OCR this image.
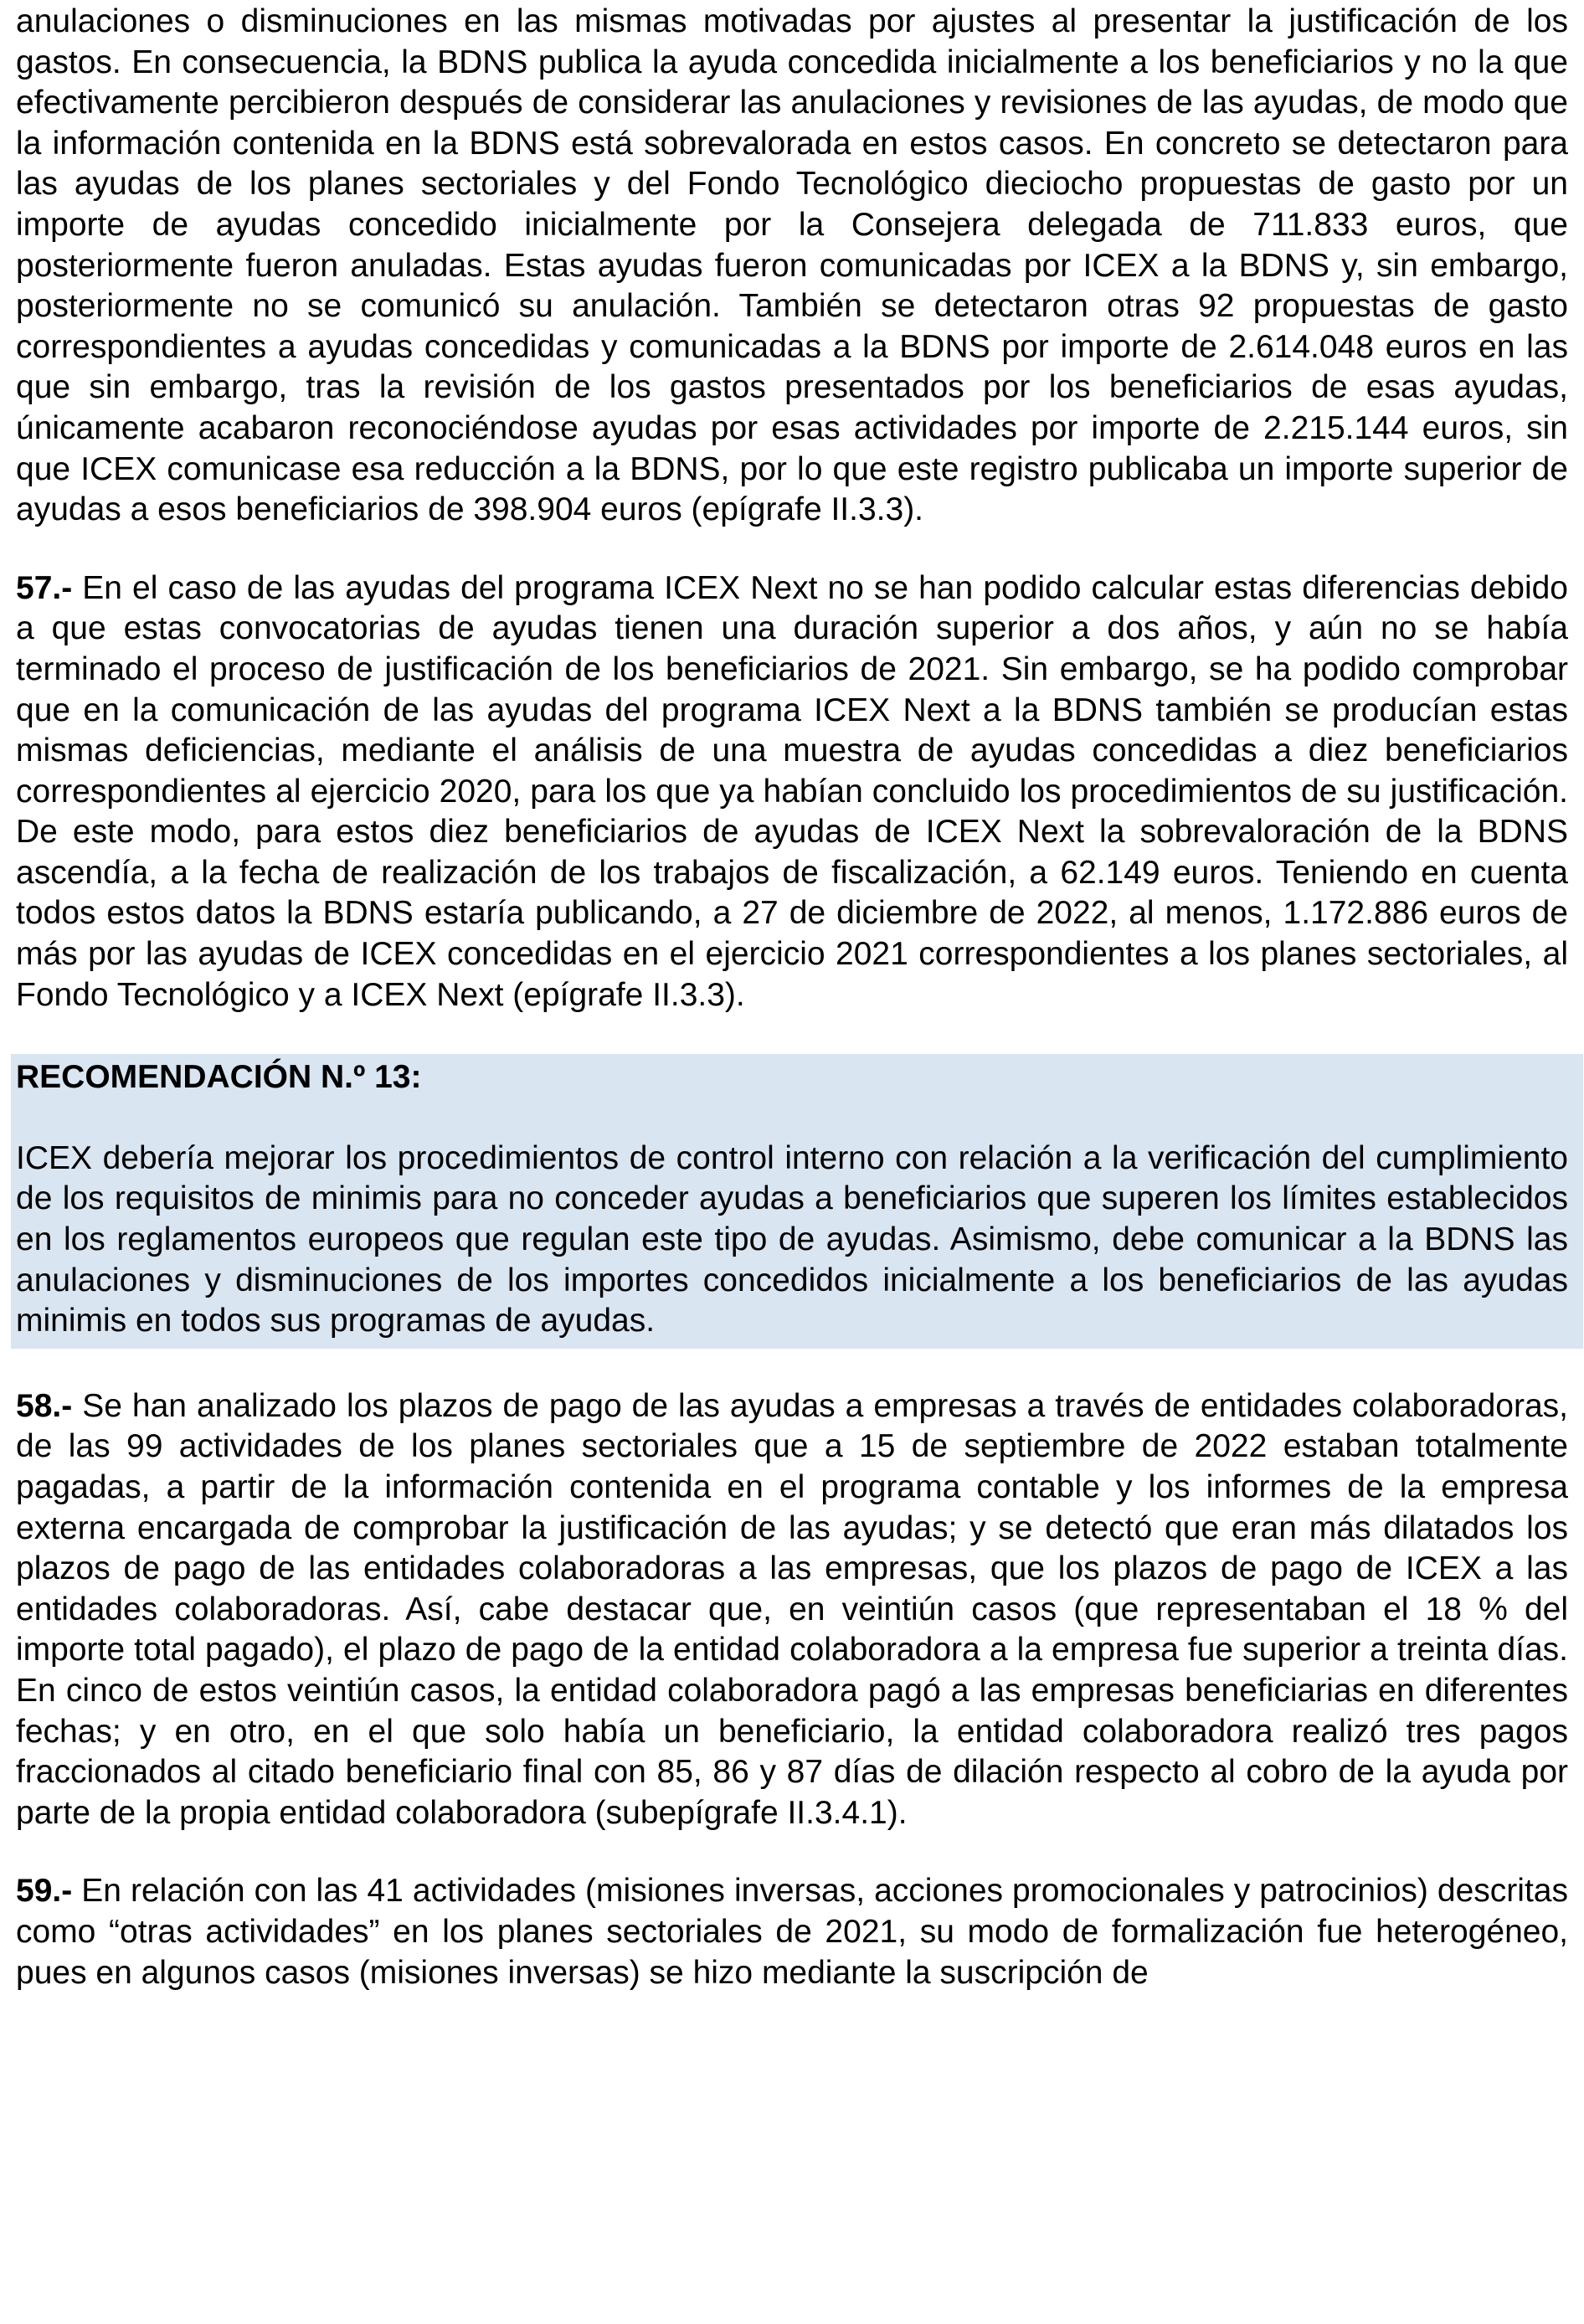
anulaciones o disminuciones en las mismas motivadas por ajustes al presentar la justificación de los gastos. En consecuencia, la BDNS publica la ayuda concedida inicialmente a los beneficiarios y no la que efectivamente percibieron después de considerar las anulaciones y revisiones de las ayudas, de modo que la información contenida en la BDNS está sobrevalorada en estos casos. En concreto se detectaron para las ayudas de los planes sectoriales y del Fondo Tecnológico dieciocho propuestas de gasto por un importe de ayudas concedido inicialmente por la Consejera delegada de 711.833 euros, que posteriormente fueron anuladas. Estas ayudas fueron comunicadas por ICEX a la BDNS y, sin embargo, posteriormente no se comunicó su anulación. También se detectaron otras 92 propuestas de gasto correspondientes a ayudas concedidas y comunicadas a la BDNS por importe de 2.614.048 euros en las que sin embargo, tras la revisión de los gastos presentados por los beneficiarios de esas ayudas, únicamente acabaron reconociéndose ayudas por esas actividades por importe de 2.215.144 euros, sin que ICEX comunicase esa reducción a la BDNS, por lo que este registro publicaba un importe superior de ayudas a esos beneficiarios de 398.904 euros (epígrafe II.3.3).

57.- En el caso de las ayudas del programa ICEX Next no se han podido calcular estas diferencias debido a que estas convocatorias de ayudas tienen una duración superior a dos años, y aún no se había terminado el proceso de justificación de los beneficiarios de 2021. Sin embargo, se ha podido comprobar que en la comunicación de las ayudas del programa ICEX Next a la BDNS también se producían estas mismas deficiencias, mediante el análisis de una muestra de ayudas concedidas a diez beneficiarios correspondientes al ejercicio 2020, para los que ya habían concluido los procedimientos de su justificación. De este modo, para estos diez beneficiarios de ayudas de ICEX Next la sobrevaloración de la BDNS ascendía, a la fecha de realización de los trabajos de fiscalización, a 62.149 euros. Teniendo en cuenta todos estos datos la BDNS estaría publicando, a 27 de diciembre de 2022, al menos, 1.172.886 euros de más por las ayudas de ICEX concedidas en el ejercicio 2021 correspondientes a los planes sectoriales, al Fondo Tecnológico y a ICEX Next (epígrafe II.3.3).

RECOMENDACIÓN N.º 13:

ICEX debería mejorar los procedimientos de control interno con relación a la verificación del cumplimiento de los requisitos de minimis para no conceder ayudas a beneficiarios que superen los límites establecidos en los reglamentos europeos que regulan este tipo de ayudas. Asimismo, debe comunicar a la BDNS las anulaciones y disminuciones de los importes concedidos inicialmente a los beneficiarios de las ayudas minimis en todos sus programas de ayudas.

58.- Se han analizado los plazos de pago de las ayudas a empresas a través de entidades colaboradoras, de las 99 actividades de los planes sectoriales que a 15 de septiembre de 2022 estaban totalmente pagadas, a partir de la información contenida en el programa contable y los informes de la empresa externa encargada de comprobar la justificación de las ayudas; y se detectó que eran más dilatados los plazos de pago de las entidades colaboradoras a las empresas, que los plazos de pago de ICEX a las entidades colaboradoras. Así, cabe destacar que, en veintiún casos (que representaban el 18 % del importe total pagado), el plazo de pago de la entidad colaboradora a la empresa fue superior a treinta días. En cinco de estos veintiún casos, la entidad colaboradora pagó a las empresas beneficiarias en diferentes fechas; y en otro, en el que solo había un beneficiario, la entidad colaboradora realizó tres pagos fraccionados al citado beneficiario final con 85, 86 y 87 días de dilación respecto al cobro de la ayuda por parte de la propia entidad colaboradora (subepígrafe II.3.4.1).

59.- En relación con las 41 actividades (misiones inversas, acciones promocionales y patrocinios) descritas como “otras actividades” en los planes sectoriales de 2021, su modo de formalización fue heterogéneo, pues en algunos casos (misiones inversas) se hizo mediante la suscripción de
